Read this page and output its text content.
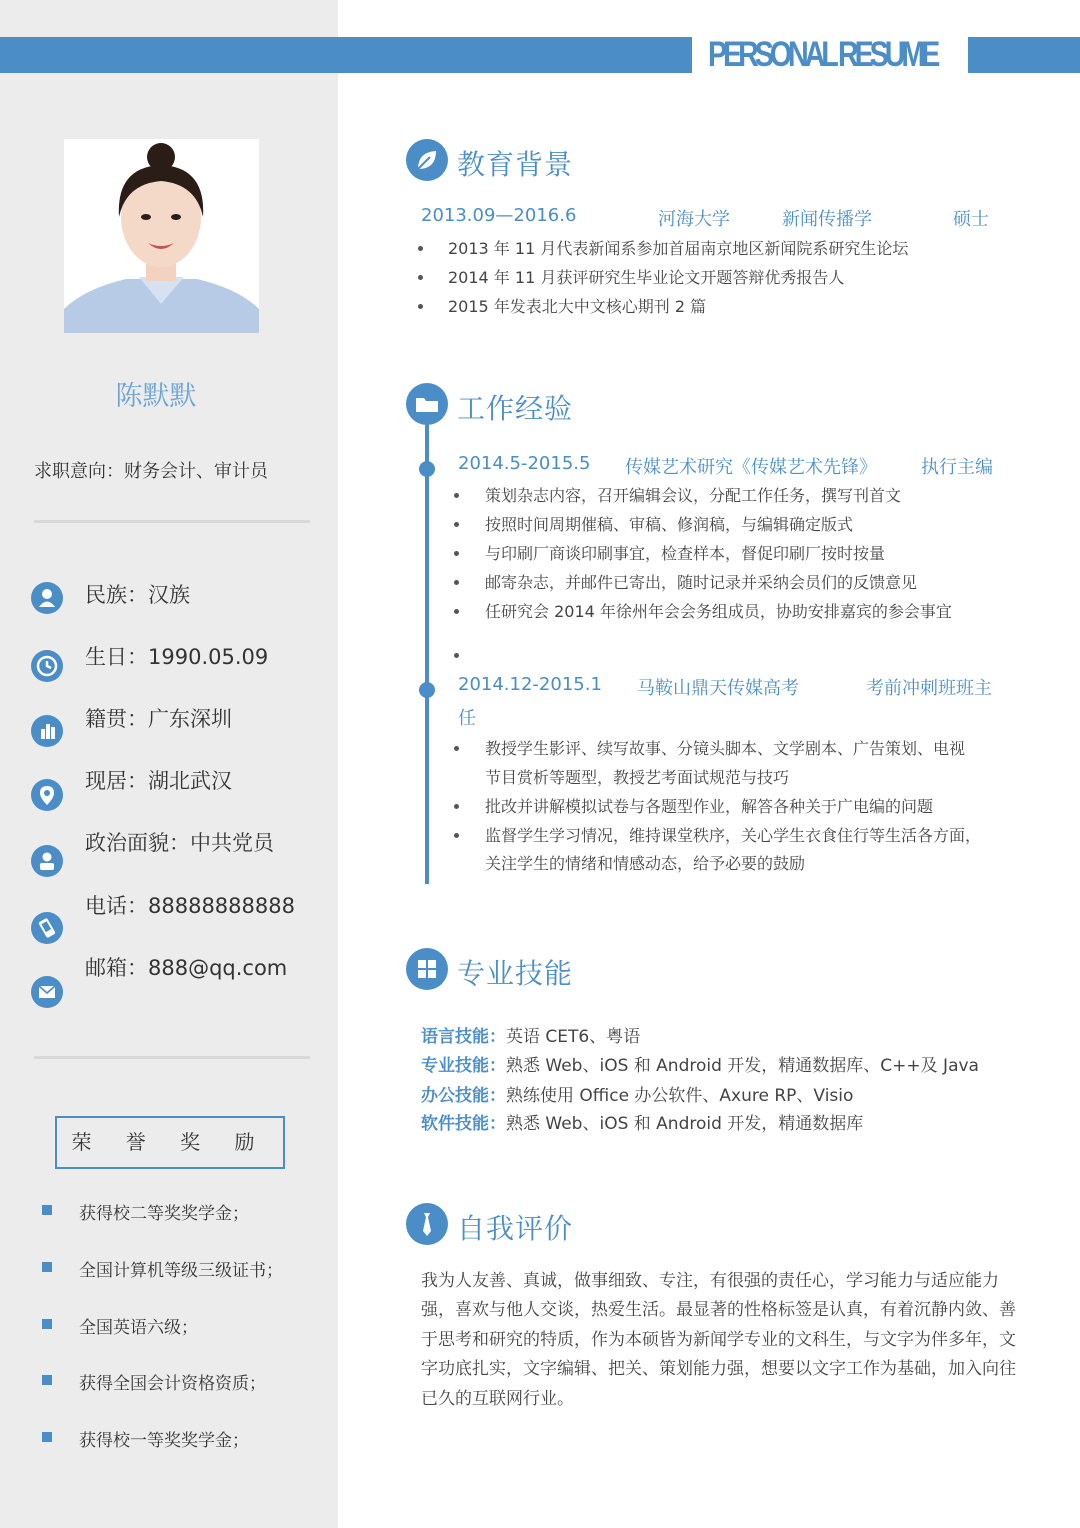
PERSONAL RESUME
陈默默
求职意向：财务会计、审计员
民族：汉族
生日：1990.05.09
籍贯：广东深圳
现居：湖北武汉
政治面貌：中共党员
电话：88888888888
邮箱：888@qq.com
荣 誉 奖 励
获得校二等奖奖学金；
全国计算机等级三级证书；
全国英语六级；
获得全国会计资格资质；
获得校一等奖奖学金；
教育背景
2013.09—2016.6	河海大学	新闻传播学	硕士
2013 年 11 月代表新闻系参加首届南京地区新闻院系研究生论坛
2014 年 11 月获评研究生毕业论文开题答辩优秀报告人
2015 年发表北大中文核心期刊 2 篇
工作经验
2014.5-2015.5 传媒艺术研究《传媒艺术先锋》 执行主编
策划杂志内容，召开编辑会议，分配工作任务，撰写刊首文
按照时间周期催稿、审稿、修润稿，与编辑确定版式
与印刷厂商谈印刷事宜，检查样本，督促印刷厂按时按量
邮寄杂志，并邮件已寄出，随时记录并采纳会员们的反馈意见
任研究会 2014 年徐州年会会务组成员，协助安排嘉宾的参会事宜
2014.12-2015.1 马鞍山鼎天传媒高考	考前冲刺班班主
任
教授学生影评、续写故事、分镜头脚本、文学剧本、广告策划、电视
节目赏析等题型，教授艺考面试规范与技巧
批改并讲解模拟试卷与各题型作业，解答各种关于广电编的问题
监督学生学习情况，维持课堂秩序，关心学生衣食住行等生活各方面，
关注学生的情绪和情感动态，给予必要的鼓励
专业技能
语言技能：英语 CET6、粤语
专业技能：熟悉 Web、iOS 和 Android 开发，精通数据库、C++及 Java
办公技能：熟练使用 Office 办公软件、Axure RP、Visio
软件技能：熟悉 Web、iOS 和 Android 开发，精通数据库
自我评价
我为人友善、真诚，做事细致、专注，有很强的责任心，学习能力与适应能力强，喜欢与他人交谈，热爱生活。最显著的性格标签是认真，有着沉静内敛、善于思考和研究的特质，作为本硕皆为新闻学专业的文科生，与文字为伴多年，文字功底扎实，文字编辑、把关、策划能力强，想要以文字工作为基础，加入向往已久的互联网行业。
